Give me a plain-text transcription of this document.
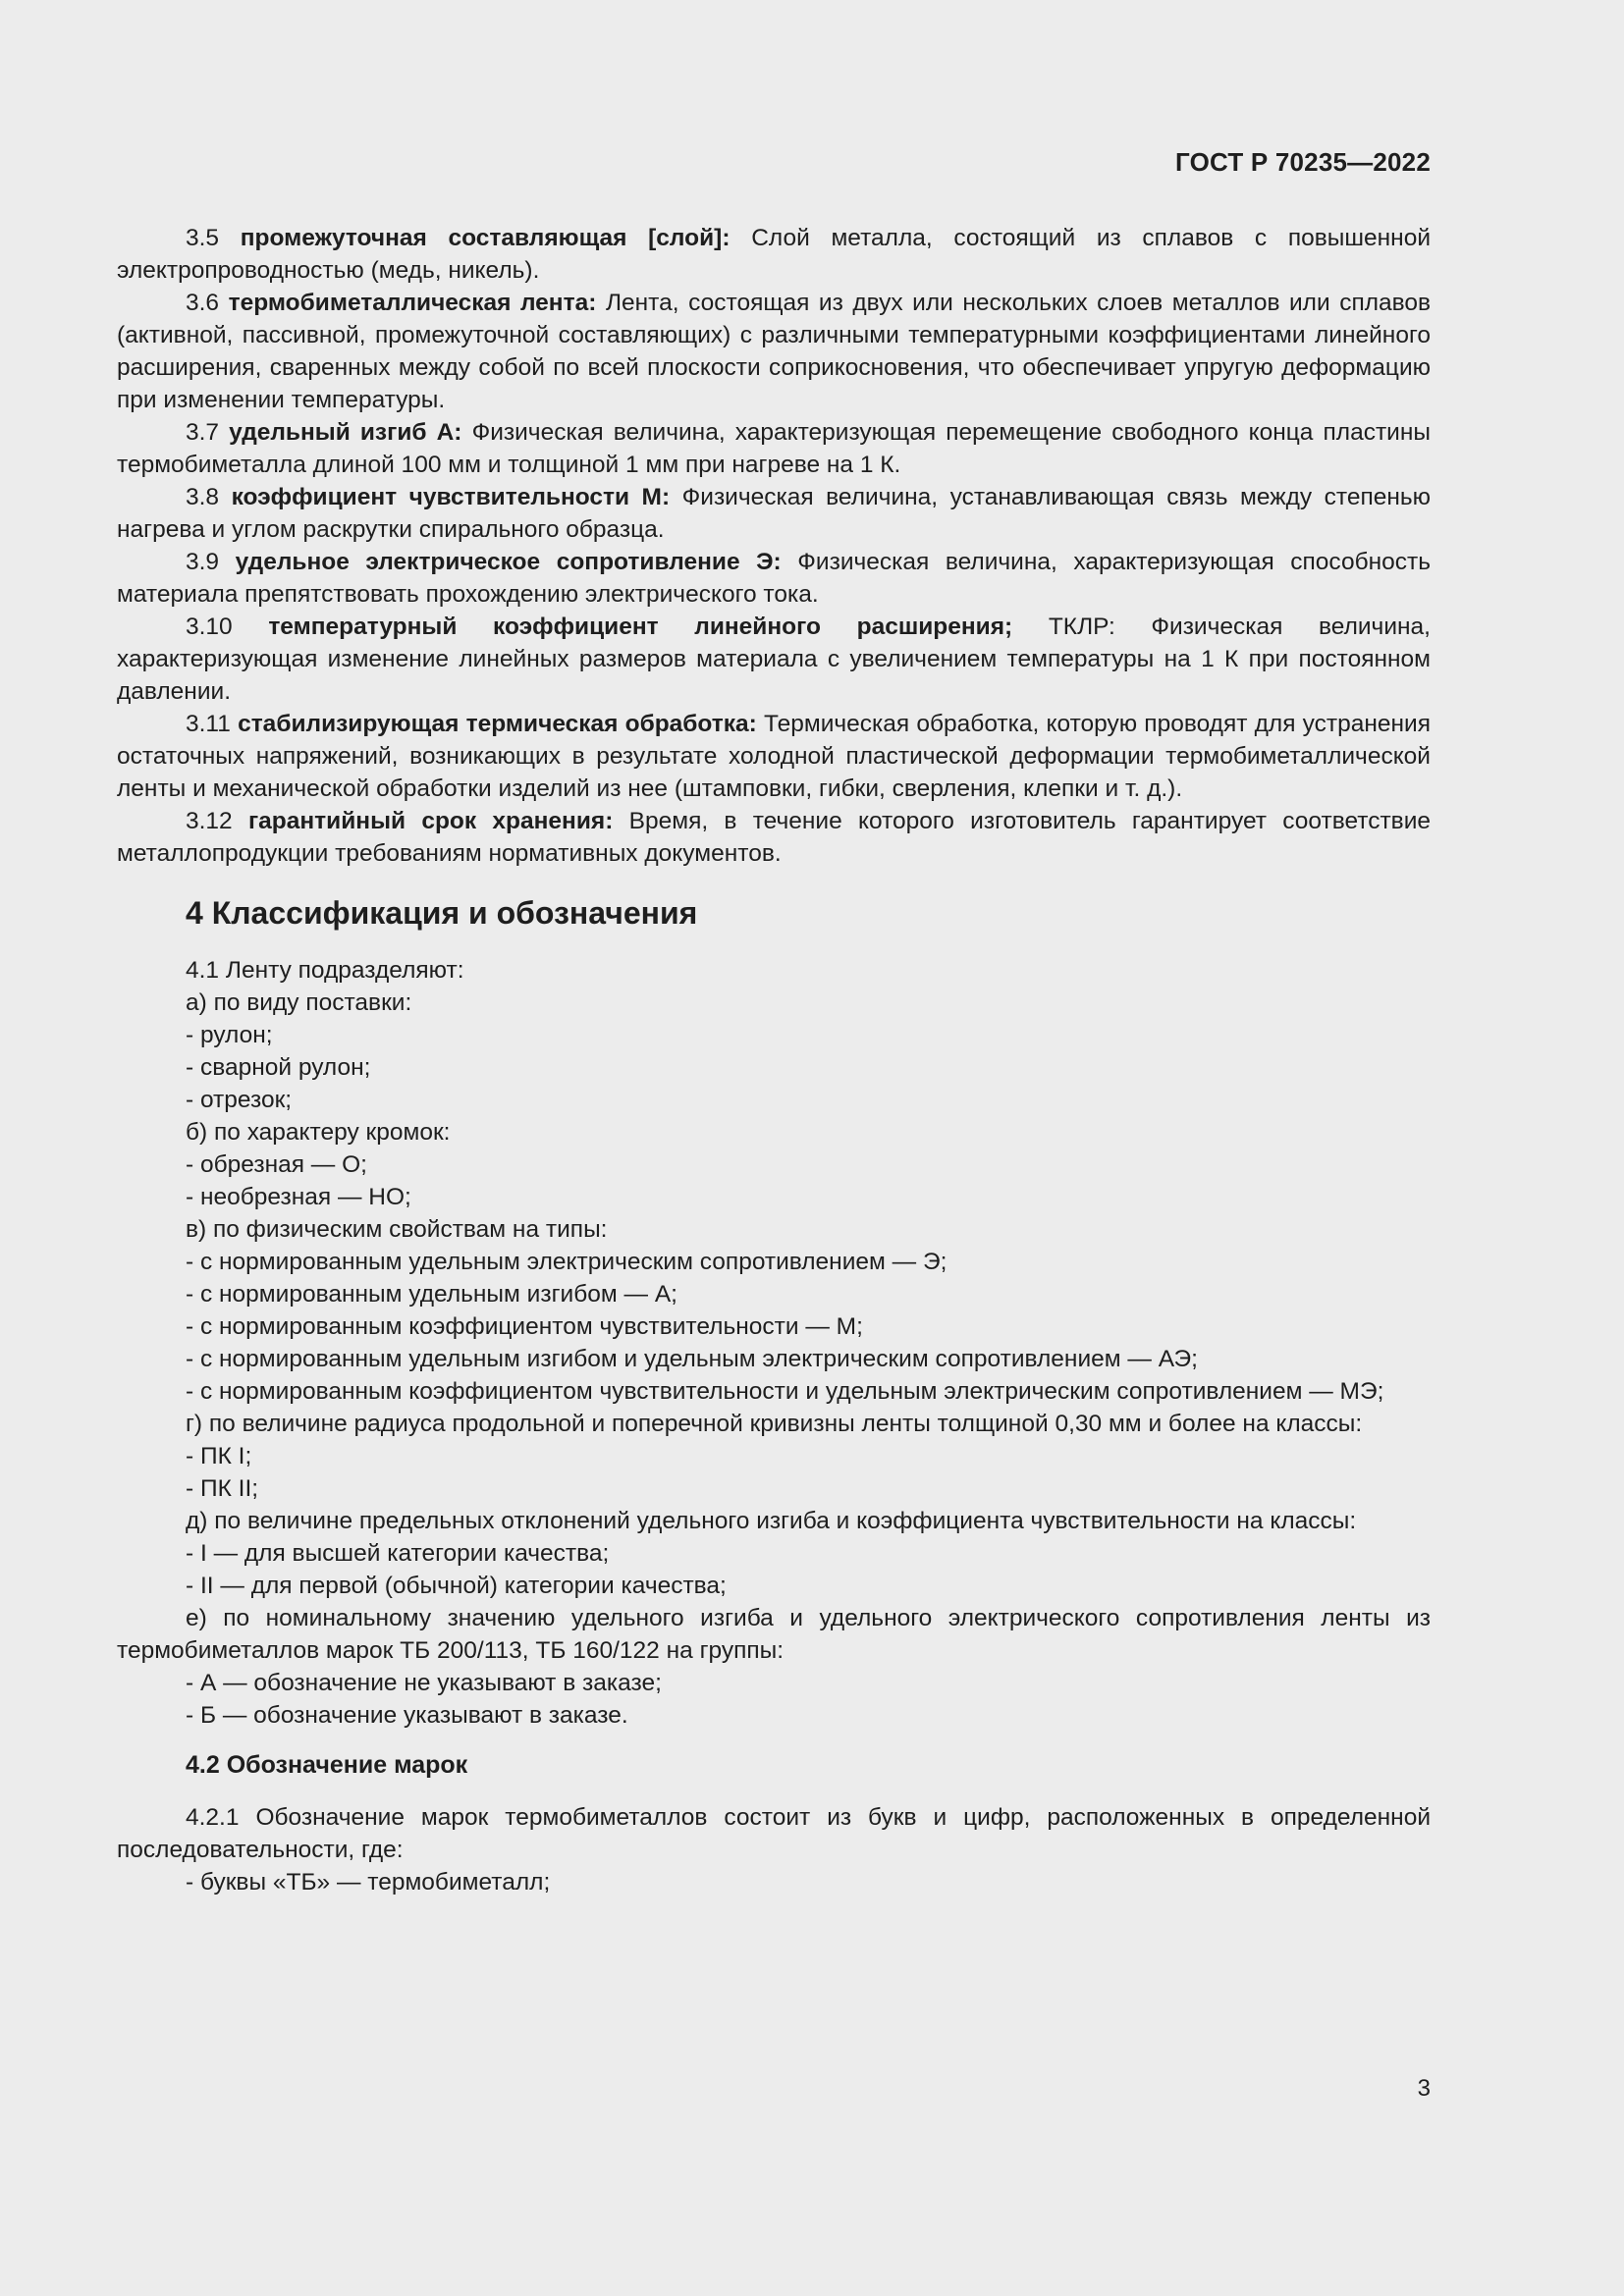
ГОСТ Р 70235—2022

3.5 промежуточная составляющая [слой]: Слой металла, состоящий из сплавов с повышенной электропроводностью (медь, никель).

3.6 термобиметаллическая лента: Лента, состоящая из двух или нескольких слоев металлов или сплавов (активной, пассивной, промежуточной составляющих) с различными температурными коэффициентами линейного расширения, сваренных между собой по всей плоскости соприкосновения, что обеспечивает упругую деформацию при изменении температуры.

3.7 удельный изгиб А: Физическая величина, характеризующая перемещение свободного конца пластины термобиметалла длиной 100 мм и толщиной 1 мм при нагреве на 1 К.

3.8 коэффициент чувствительности М: Физическая величина, устанавливающая связь между степенью нагрева и углом раскрутки спирального образца.

3.9 удельное электрическое сопротивление Э: Физическая величина, характеризующая способность материала препятствовать прохождению электрического тока.

3.10 температурный коэффициент линейного расширения; ТКЛР: Физическая величина, характеризующая изменение линейных размеров материала с увеличением температуры на 1 К при постоянном давлении.

3.11 стабилизирующая термическая обработка: Термическая обработка, которую проводят для устранения остаточных напряжений, возникающих в результате холодной пластической деформации термобиметаллической ленты и механической обработки изделий из нее (штамповки, гибки, сверления, клепки и т. д.).

3.12 гарантийный срок хранения: Время, в течение которого изготовитель гарантирует соответствие металлопродукции требованиям нормативных документов.

4 Классификация и обозначения

4.1 Ленту подразделяют:

а) по виду поставки:

- рулон;

- сварной рулон;

- отрезок;

б) по характеру кромок:

- обрезная — О;

- необрезная — НО;

в) по физическим свойствам на типы:

- с нормированным удельным электрическим сопротивлением — Э;

- с нормированным удельным изгибом — А;

- с нормированным коэффициентом чувствительности — М;

- с нормированным удельным изгибом и удельным электрическим сопротивлением — АЭ;

- с нормированным коэффициентом чувствительности и удельным электрическим сопротивлением — МЭ;

г) по величине радиуса продольной и поперечной кривизны ленты толщиной 0,30 мм и более на классы:

- ПК I;

- ПК II;

д) по величине предельных отклонений удельного изгиба и коэффициента чувствительности на классы:

- I — для высшей категории качества;

- II — для первой (обычной) категории качества;

е) по номинальному значению удельного изгиба и удельного электрического сопротивления ленты из термобиметаллов марок ТБ 200/113, ТБ 160/122 на группы:

- А — обозначение не указывают в заказе;

- Б — обозначение указывают в заказе.

4.2 Обозначение марок

4.2.1 Обозначение марок термобиметаллов состоит из букв и цифр, расположенных в определенной последовательности, где:

- буквы «ТБ» — термобиметалл;

3
